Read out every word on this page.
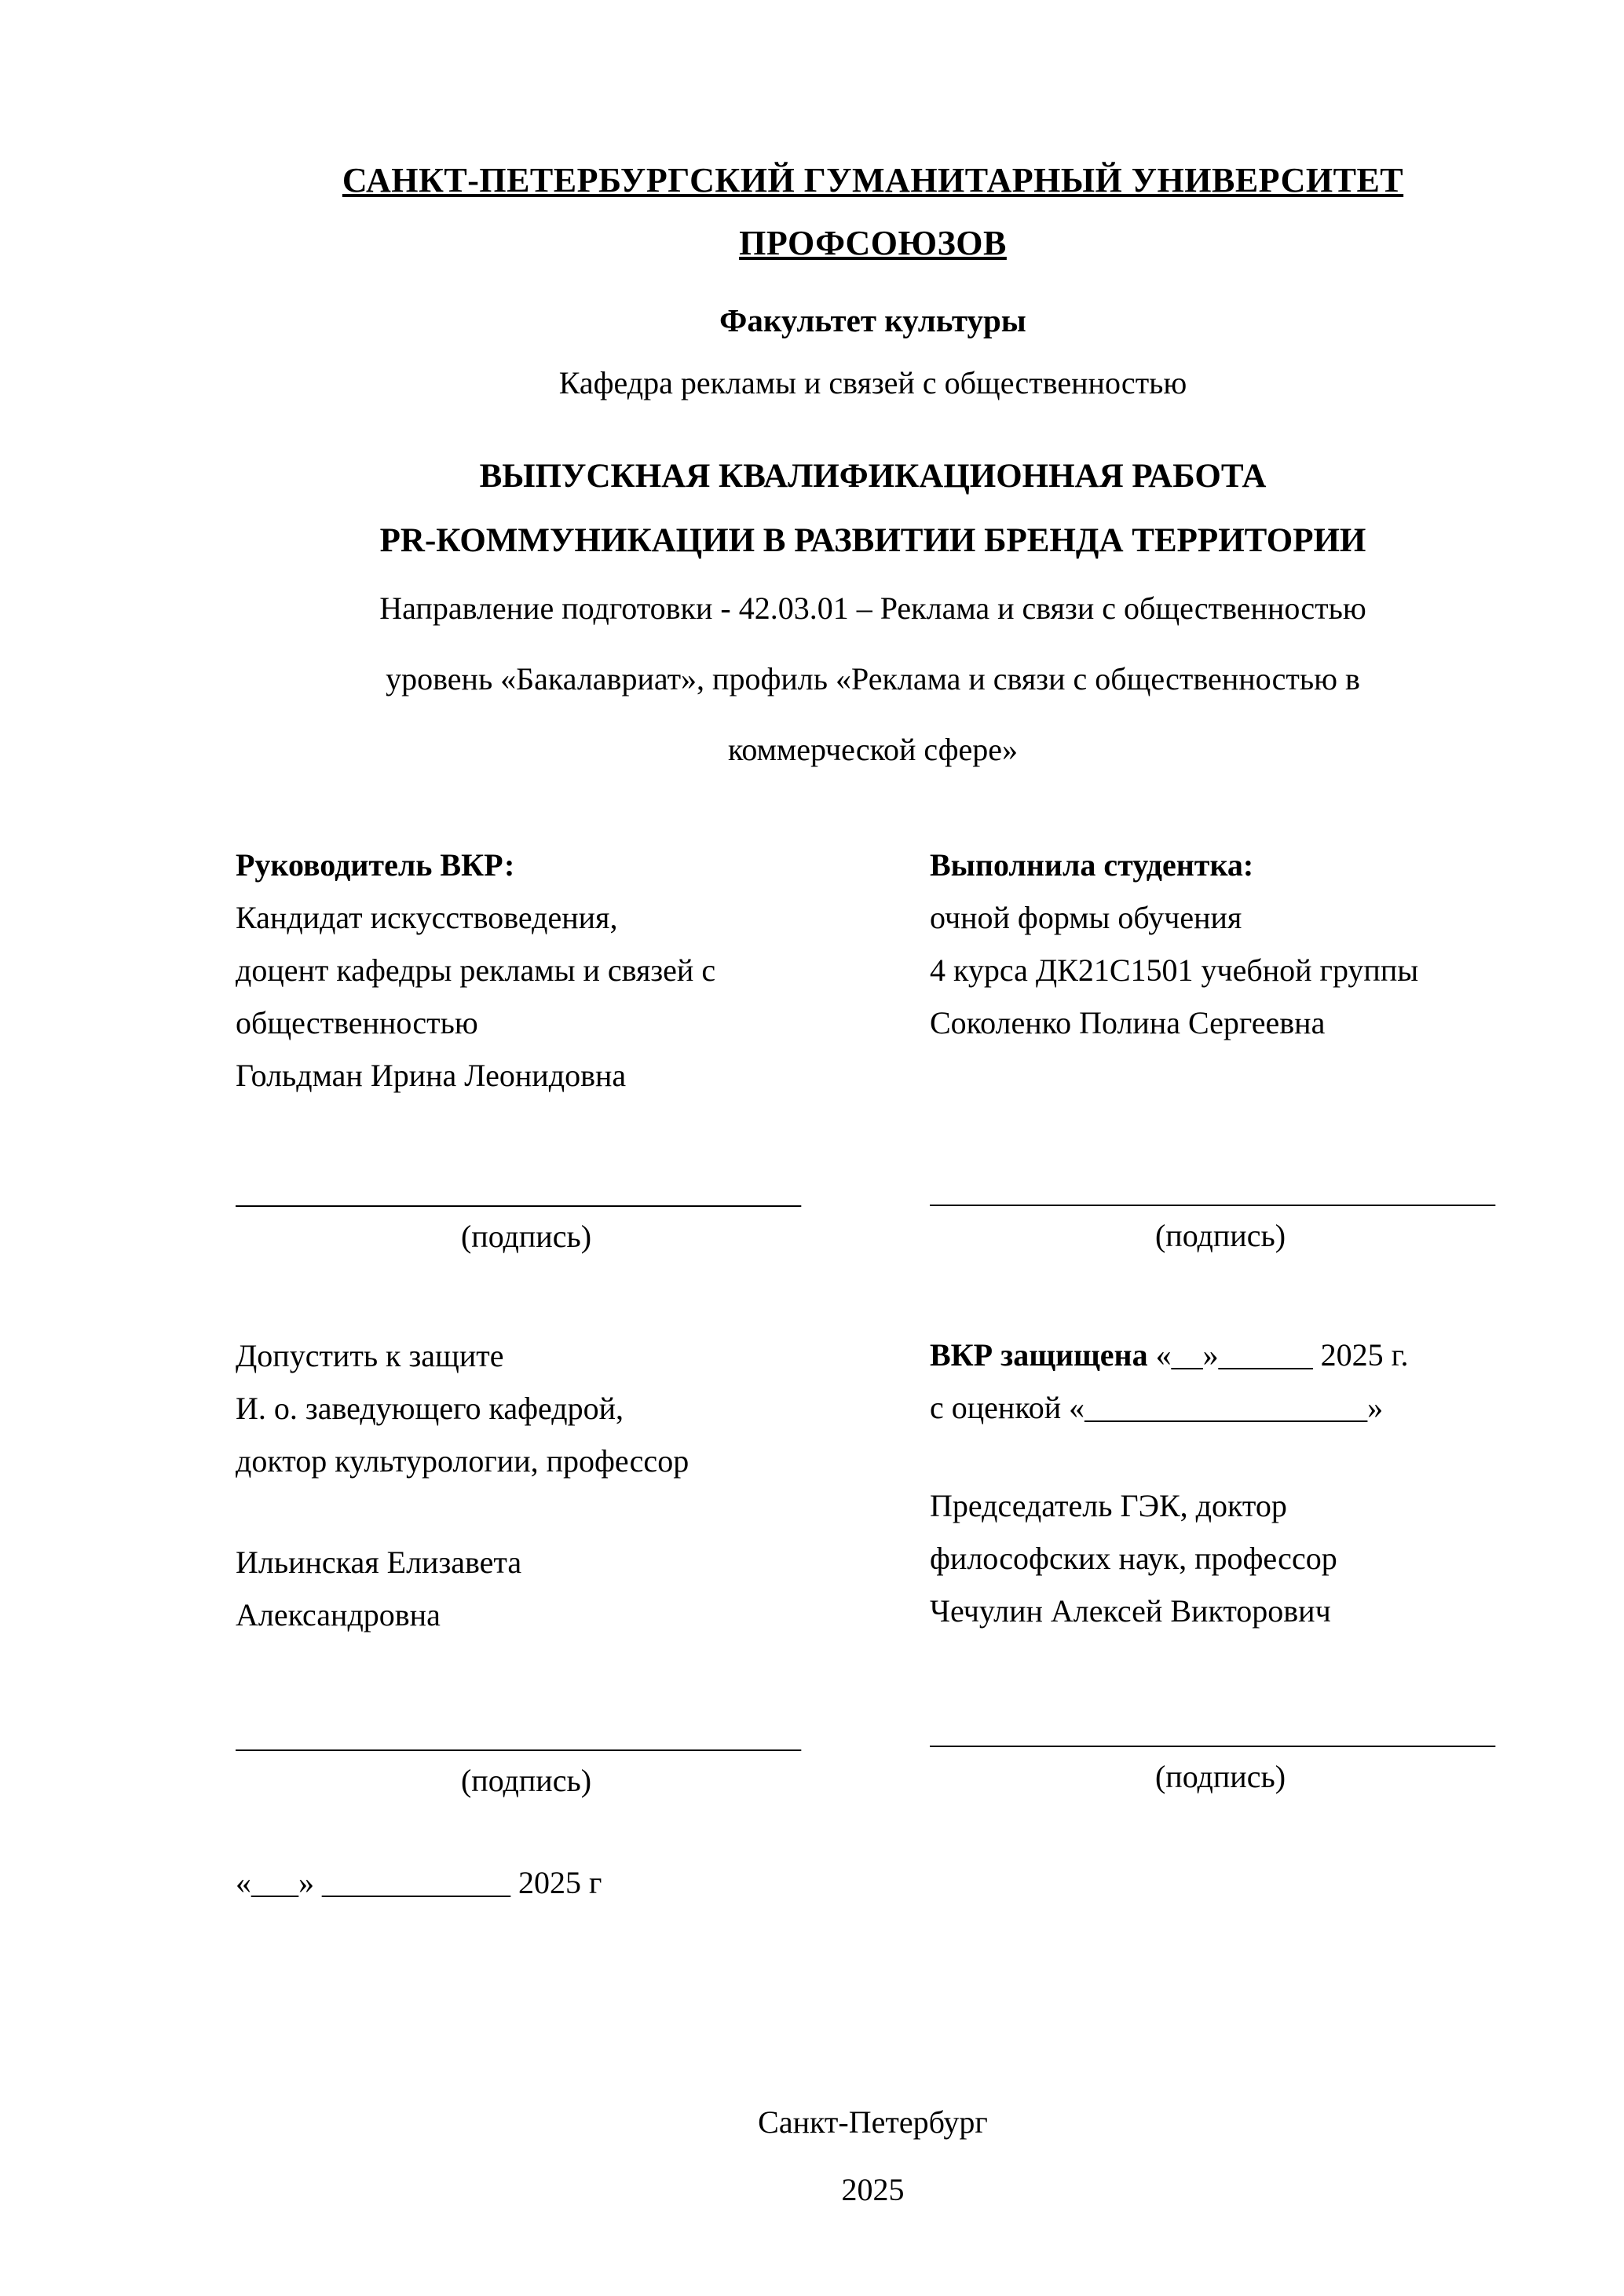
САНКТ-ПЕТЕРБУРГСКИЙ ГУМАНИТАРНЫЙ УНИВЕРСИТЕТ
ПРОФСОЮЗОВ
Факультет культуры
Кафедра рекламы и связей с общественностью
ВЫПУСКНАЯ КВАЛИФИКАЦИОННАЯ РАБОТА
PR-КОММУНИКАЦИИ В РАЗВИТИИ БРЕНДА ТЕРРИТОРИИ
Направление подготовки - 42.03.01 – Реклама и связи с общественностью
уровень «Бакалавриат», профиль «Реклама и связи с общественностью в
коммерческой сфере»
Руководитель ВКР:
Кандидат искусствоведения,
доцент кафедры рекламы и связей с
общественностью
Гольдман Ирина Леонидовна
____________________________________
(подпись)
Допустить к защите
И. о. заведующего кафедрой,
доктор культурологии, профессор
Ильинская Елизавета
Александровна
____________________________________
(подпись)
«___» ____________ 2025 г
Выполнила студентка:
очной формы обучения
4 курса ДК21С1501 учебной группы
Соколенко Полина Сергеевна
____________________________________
(подпись)
ВКР защищена «__»______ 2025 г.
с оценкой «__________________»
Председатель ГЭК, доктор
философских наук, профессор
Чечулин Алексей Викторович
____________________________________
(подпись)
Санкт-Петербург
2025
